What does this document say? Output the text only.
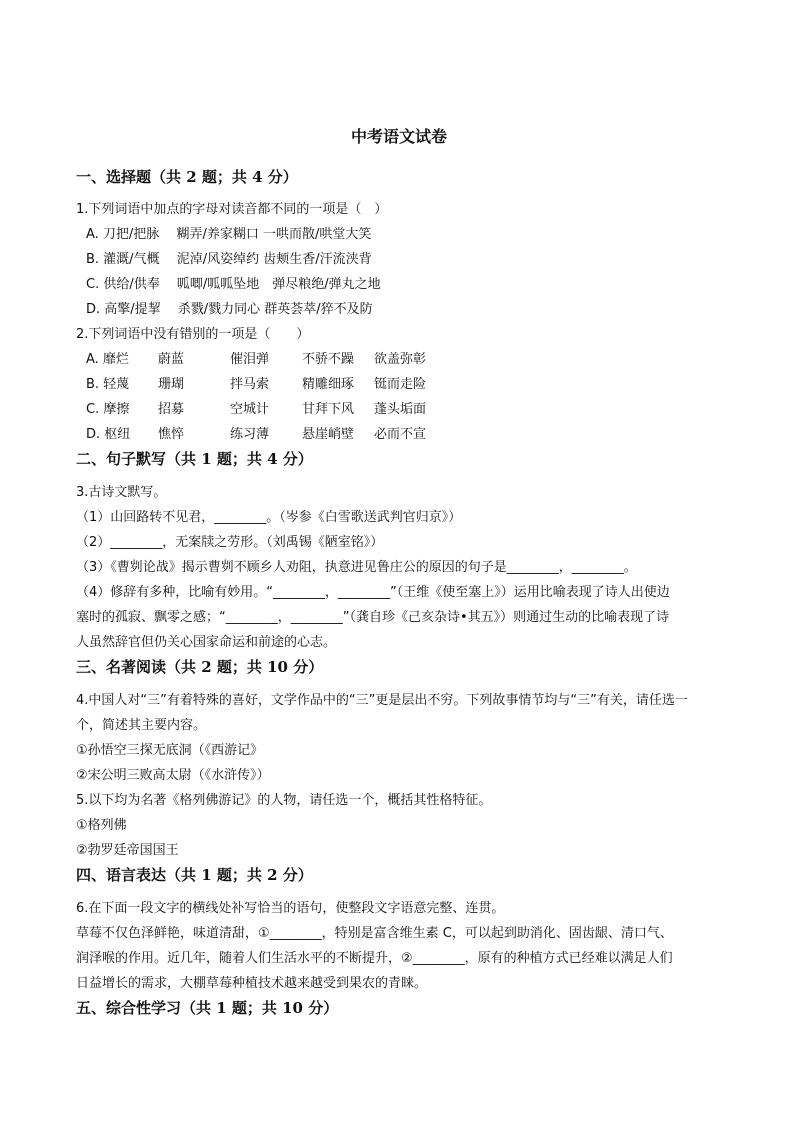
中考语文试卷
一、选择题（共 2 题；共 4 分）
1.下列词语中加点的字母对读音都不同的一项是（　）
A. 刀把/把脉　 糊弄/养家糊口 一哄而散/哄堂大笑
B. 灌溉/气概　 泥淖/风姿绰约 齿颊生香/汗流浃背
C. 供给/供奉　 呱唧/呱呱坠地　弹尽粮绝/弹丸之地
D. 高擎/提挈　 杀戮/戮力同心 群英荟萃/猝不及防
2.下列词语中没有错别的一项是（　　）
A. 靡烂 蔚蓝	催泪弹	不骄不躁 欲盖弥彰
B. 轻蔑 珊瑚	拌马索	精雕细琢 铤而走险
C. 摩擦 招募	空城计	甘拜下风 蓬头垢面
D. 枢纽 憔悴	练习薄	悬崖峭壁 必而不宣
二、句子默写（共 1 题；共 4 分）
3.古诗文默写。
（1）山回路转不见君，________。（岑参《白雪歌送武判官归京》）
（2）________，无案牍之劳形。（刘禹锡《陋室铭》）
（3）《曹刿论战》揭示曹刿不顾乡人劝阻，执意进见鲁庄公的原因的句子是________，________。
（4）修辞有多种，比喻有妙用。“________，________”（王维《使至塞上》）运用比喻表现了诗人出使边
塞时的孤寂、飘零之感；“________，________”（龚自珍《己亥杂诗•其五》）则通过生动的比喻表现了诗
人虽然辞官但仍关心国家命运和前途的心志。
三、名著阅读（共 2 题；共 10 分）
4.中国人对“三”有着特殊的喜好，文学作品中的“三”更是层出不穷。下列故事情节均与“三”有关，请任选一
个，简述其主要内容。
①孙悟空三探无底洞（《西游记》
②宋公明三败高太尉（《水浒传》）
5.以下均为名著《格列佛游记》的人物，请任选一个，概括其性格特征。
①格列佛
②勃罗廷帝国国王
四、语言表达（共 1 题；共 2 分）
6.在下面一段文字的横线处补写恰当的语句，使整段文字语意完整、连贯。
草莓不仅色泽鲜艳，味道清甜，①________，特别是富含维生素 C，可以起到助消化、固齿龈、清口气、
润泽喉的作用。近几年，随着人们生活水平的不断提升，②________，原有的种植方式已经难以满足人们
日益增长的需求，大棚草莓种植技术越来越受到果农的青睐。
五、综合性学习（共 1 题；共 10 分）
